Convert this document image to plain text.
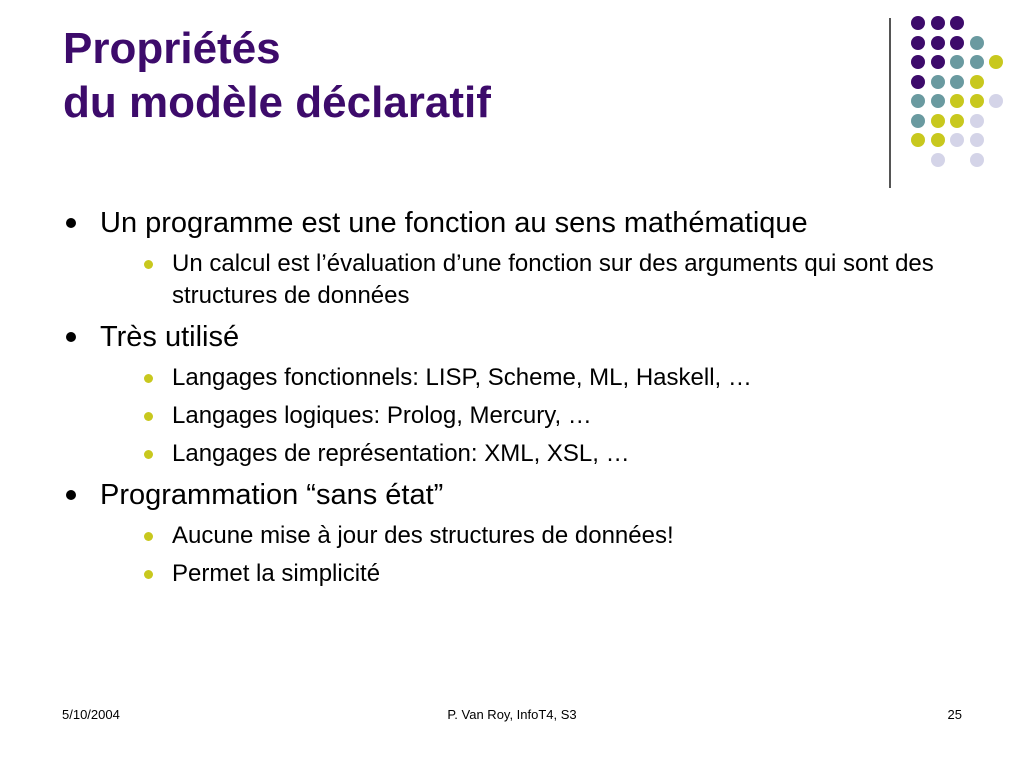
Propriétés
du modèle déclaratif
Un programme est une fonction au sens mathématique
Un calcul est l’évaluation d’une fonction sur des arguments qui sont des structures de données
Très utilisé
Langages fonctionnels: LISP, Scheme, ML, Haskell, …
Langages logiques: Prolog, Mercury, …
Langages de représentation: XML, XSL, …
Programmation “sans état”
Aucune mise à jour des structures de données!
Permet la simplicité
5/10/2004	P. Van Roy, InfoT4, S3	25
